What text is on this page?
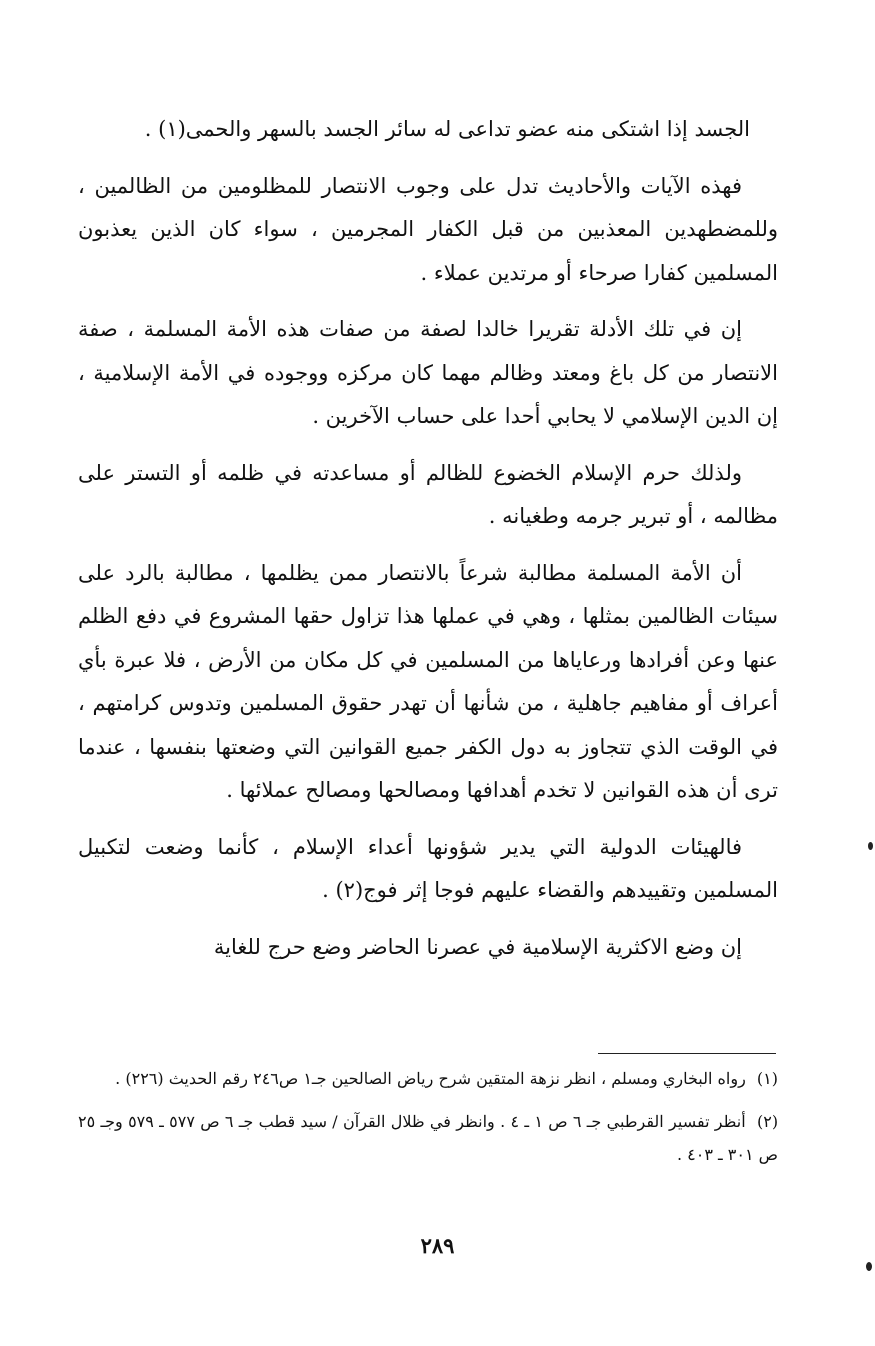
الجسد إذا اشتكى منه عضو تداعى له سائر الجسد بالسهر والحمى(١) .

فهذه الآيات والأحاديث تدل على وجوب الانتصار للمظلومين من الظالمين ، وللمضطهدين المعذبين من قبل الكفار المجرمين ، سواء كان الذين يعذبون المسلمين كفارا صرحاء أو مرتدين عملاء .

إن في تلك الأدلة تقريرا خالدا لصفة من صفات هذه الأمة المسلمة ، صفة الانتصار من كل باغ ومعتد وظالم مهما كان مركزه ووجوده في الأمة الإسلامية ، إن الدين الإسلامي لا يحابي أحدا على حساب الآخرين .

ولذلك حرم الإسلام الخضوع للظالم أو مساعدته في ظلمه أو التستر على مظالمه ، أو تبرير جرمه وطغيانه .

أن الأمة المسلمة مطالبة شرعاً بالانتصار ممن يظلمها ، مطالبة بالرد على سيئات الظالمين بمثلها ، وهي في عملها هذا تزاول حقها المشروع في دفع الظلم عنها وعن أفرادها ورعاياها من المسلمين في كل مكان من الأرض ، فلا عبرة بأي أعراف أو مفاهيم جاهلية ، من شأنها أن تهدر حقوق المسلمين وتدوس كرامتهم ، في الوقت الذي تتجاوز به دول الكفر جميع القوانين التي وضعتها بنفسها ، عندما ترى أن هذه القوانين لا تخدم أهدافها ومصالحها ومصالح عملائها .

فالهيئات الدولية التي يدير شؤونها أعداء الإسلام ، كأنما وضعت لتكبيل المسلمين وتقييدهم والقضاء عليهم فوجا إثر فوج(٢) .

إن وضع الاكثرية الإسلامية في عصرنا الحاضر وضع حرج للغاية

(١) رواه البخاري ومسلم ، انظر نزهة المتقين شرح رياض الصالحين جـ١ ص٢٤٦ رقم الحديث (٢٢٦) .
(٢) أنظر تفسير القرطبي جـ ٦ ص ١ ـ ٤ . وانظر في ظلال القرآن / سيد قطب جـ ٦ ص ٥٧٧ ـ ٥٧٩ وجـ ٢٥ ص ٣٠١ ـ ٤٠٣ .
٢٨٩
